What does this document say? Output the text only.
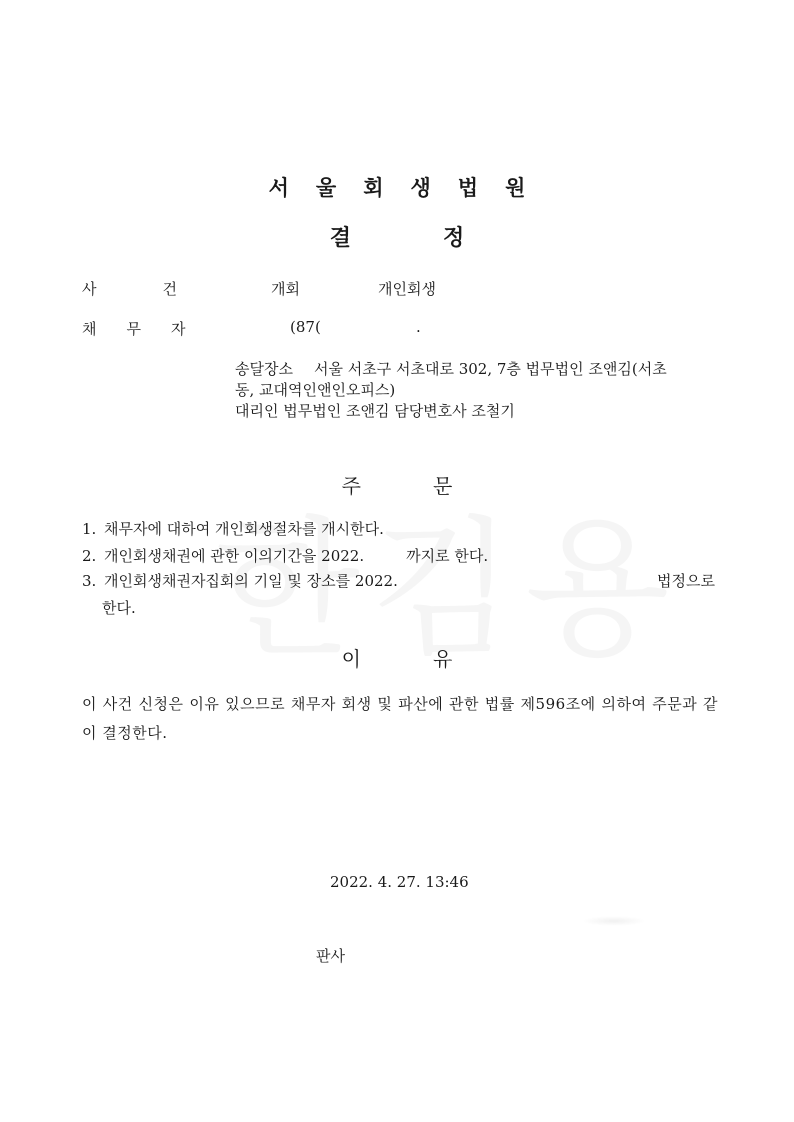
서울회생법원
결정
사건 개회	개인회생
채무자	(87(	.
송달장소 서울 서초구 서초대로 302, 7층 법무법인 조앤김(서초
동, 교대역인앤인오피스)
대리인 법무법인 조앤김 담당변호사 조철기
주문
1. 채무자에 대하여 개인회생절차를 개시한다.
2. 개인회생채권에 관한 이의기간을 2022.	까지로 한다.
3. 개인회생채권자집회의 기일 및 장소를 2022.	법정으로
한다.
이유
이 사건 신청은 이유 있으므로 채무자 회생 및 파산에 관한 법률 제596조에 의하여 주문과 같이 결정한다.
2022. 4. 27. 13:46
판사
